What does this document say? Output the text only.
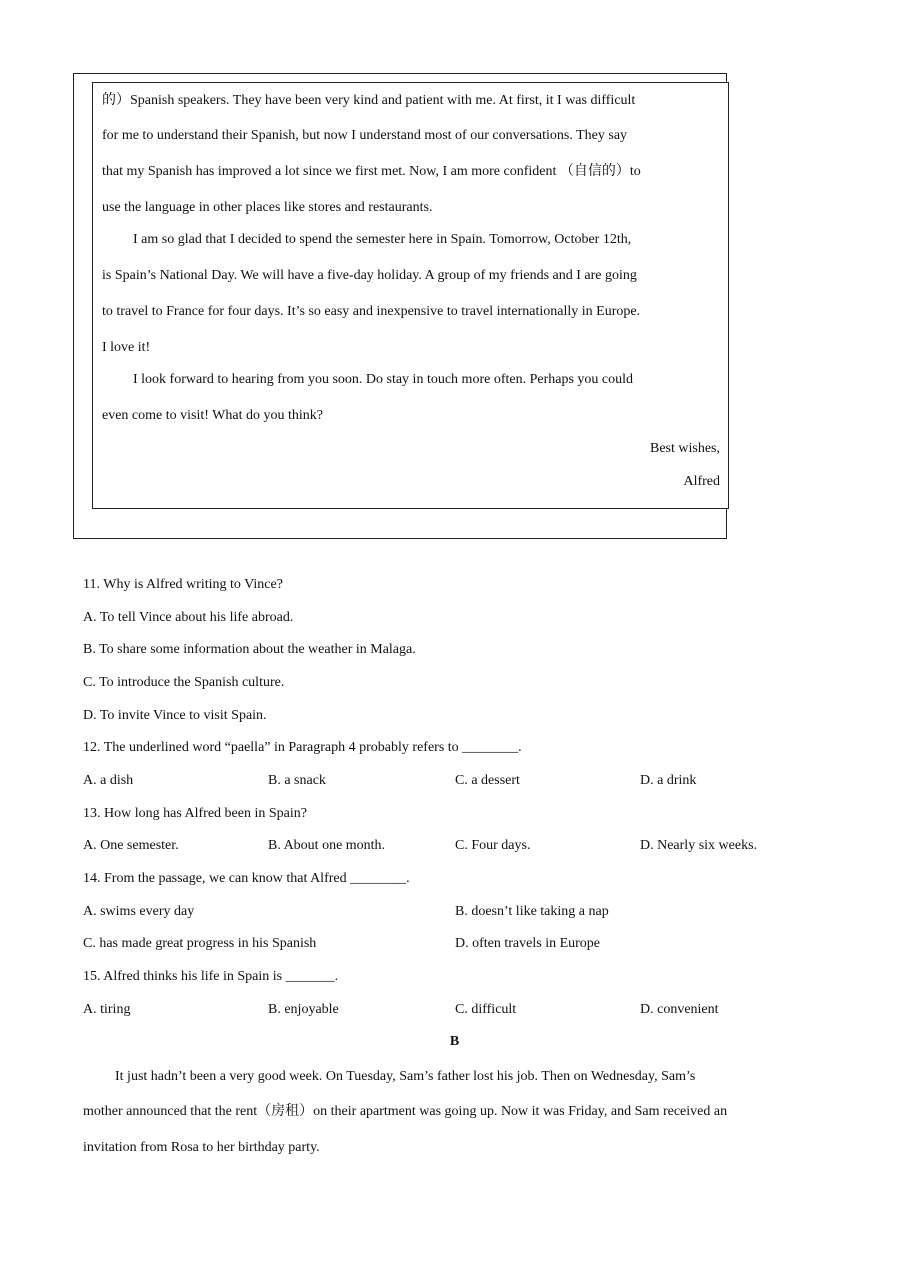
的）Spanish speakers. They have been very kind and patient with me. At first, it I was difficult
for me to understand their Spanish, but now I understand most of our conversations. They say
that my Spanish has improved a lot since we first met. Now, I am more confident （自信的）to
use the language in other places like stores and restaurants.
I am so glad that I decided to spend the semester here in Spain. Tomorrow, October 12th,
is Spain’s National Day. We will have a five-day holiday. A group of my friends and I are going
to travel to France for four days. It’s so easy and inexpensive to travel internationally in Europe.
I love it!
I look forward to hearing from you soon. Do stay in touch more often. Perhaps you could
even come to visit! What do you think?
Best wishes,
Alfred
11. Why is Alfred writing to Vince?
A. To tell Vince about his life abroad.
B. To share some information about the weather in Malaga.
C. To introduce the Spanish culture.
D. To invite Vince to visit Spain.
12. The underlined word “paella” in Paragraph 4 probably refers to ________.
A. a dish	B. a snack	C. a dessert	D. a drink
13. How long has Alfred been in Spain?
A. One semester.	B. About one month.	C. Four days.	D. Nearly six weeks.
14. From the passage, we can know that Alfred ________.
A. swims every day	B. doesn’t like taking a nap
C. has made great progress in his Spanish	D. often travels in Europe
15. Alfred thinks his life in Spain is _______.
A. tiring	B. enjoyable	C. difficult	D. convenient
B
It just hadn’t been a very good week. On Tuesday, Sam’s father lost his job. Then on Wednesday, Sam’s
mother announced that the rent（房租）on their apartment was going up. Now it was Friday, and Sam received an
invitation from Rosa to her birthday party.
